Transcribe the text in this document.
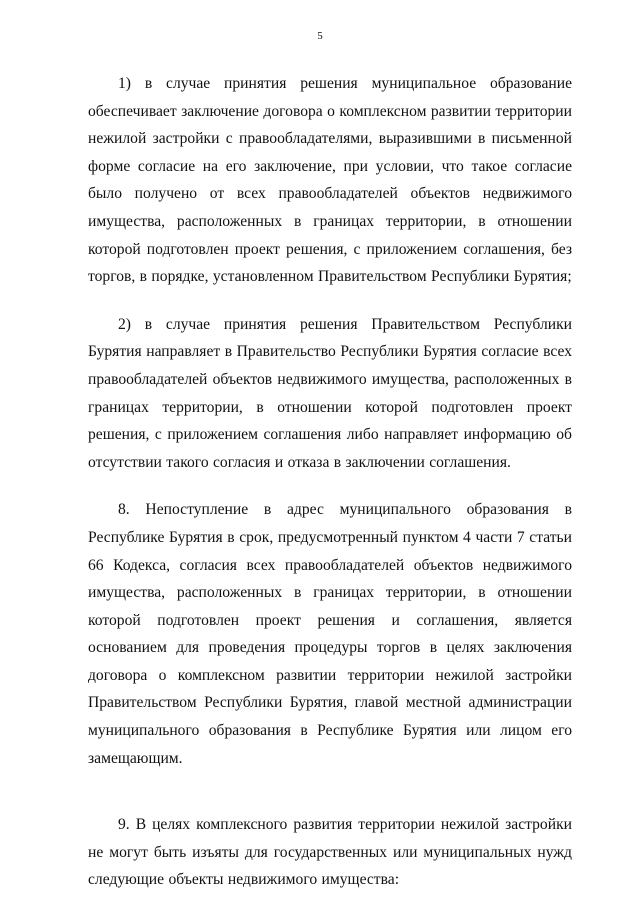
5

1) в случае принятия решения муниципальное образование обеспечивает заключение договора о комплексном развитии территории нежилой застройки с правообладателями, выразившими в письменной форме согласие на его заключение, при условии, что такое согласие было получено от всех правообладателей объектов недвижимого имущества, расположенных в границах территории, в отношении которой подготовлен проект решения, с приложением соглашения, без торгов, в порядке, установленном Правительством Республики Бурятия;

2) в случае принятия решения Правительством Республики Бурятия направляет в Правительство Республики Бурятия согласие всех правообладателей объектов недвижимого имущества, расположенных в границах территории, в отношении которой подготовлен проект решения, с приложением соглашения либо направляет информацию об отсутствии такого согласия и отказа в заключении соглашения.

8. Непоступление в адрес муниципального образования в Республике Бурятия в срок, предусмотренный пунктом 4 части 7 статьи 66 Кодекса, согласия всех правообладателей объектов недвижимого имущества, расположенных в границах территории, в отношении которой подготовлен проект решения и соглашения, является основанием для проведения процедуры торгов в целях заключения договора о комплексном развитии территории нежилой застройки Правительством Республики Бурятия, главой местной администрации муниципального образования в Республике Бурятия или лицом его замещающим.

9. В целях комплексного развития территории нежилой застройки не могут быть изъяты для государственных или муниципальных нужд следующие объекты недвижимого имущества:
